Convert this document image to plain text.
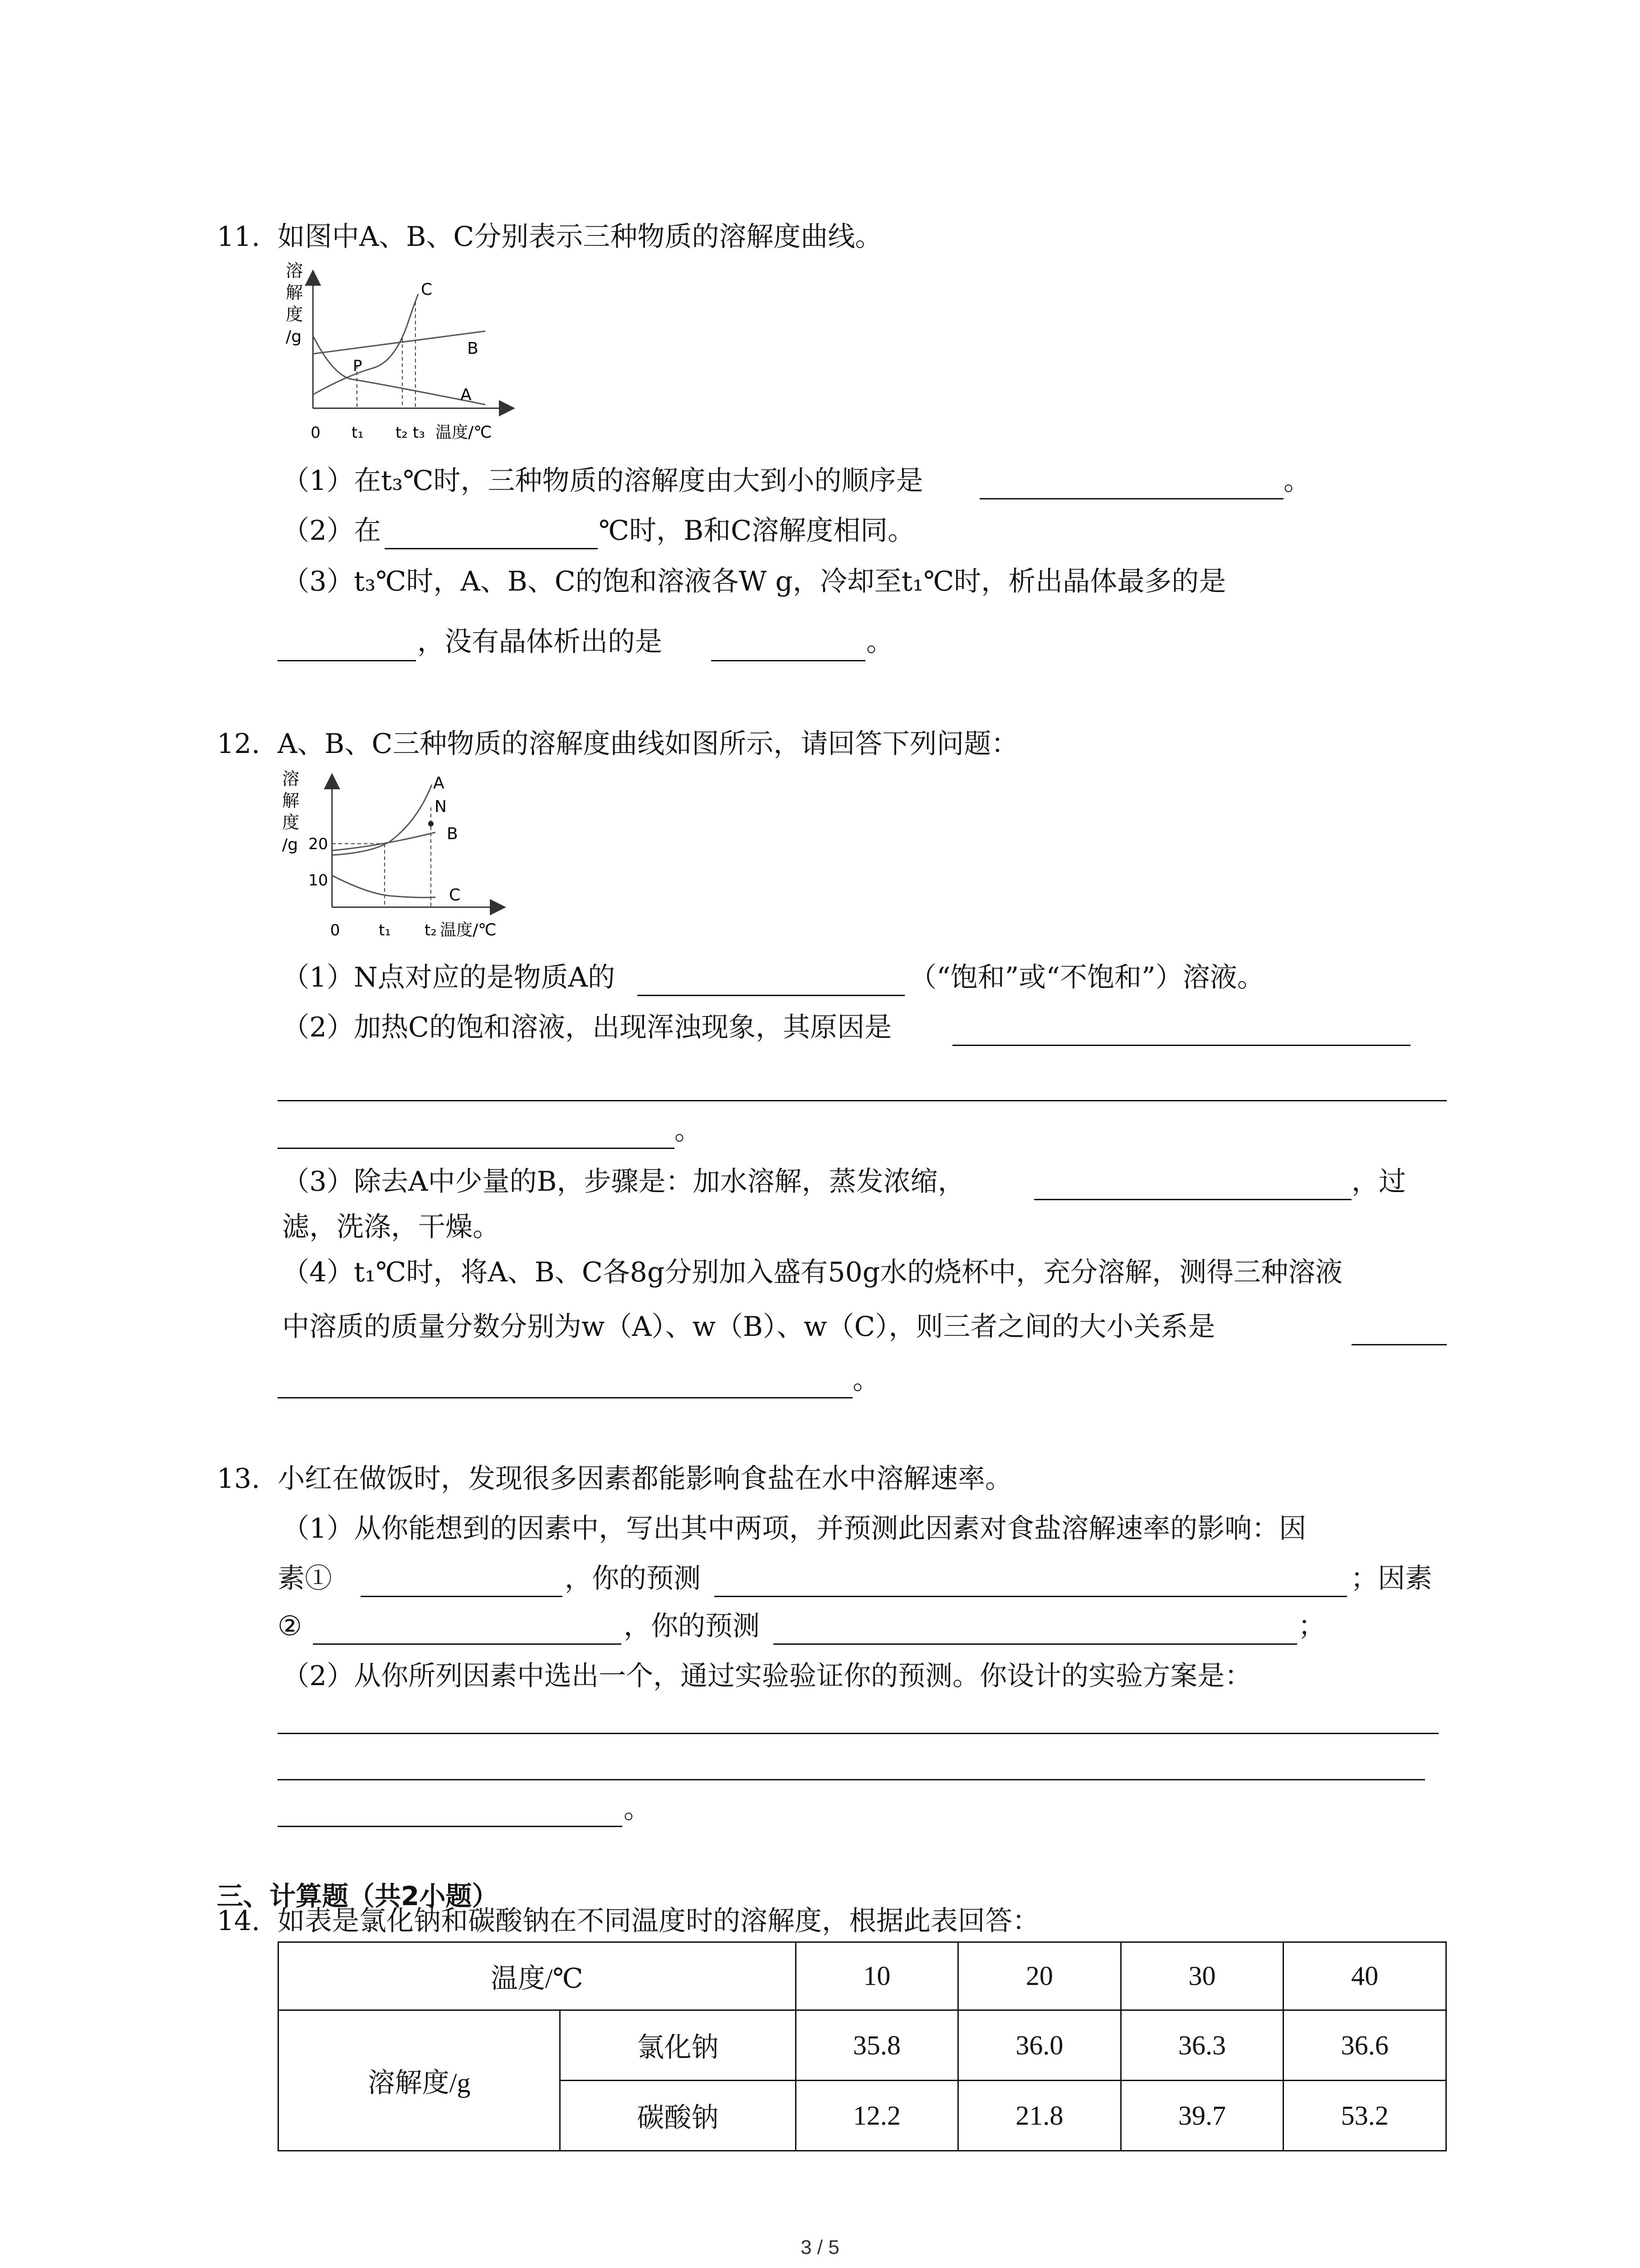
11. 如图中A、B、C分别表示三种物质的溶解度曲线。
溶
解
度
/g
P
A
B
C
0 t₁ t₂ t₃ 温度/℃
（1）在t₃℃时，三种物质的溶解度由大到小的顺序是	。
（2）在	℃时，B和C溶解度相同。
（3）t₃℃时，A、B、C的饱和溶液各W g，冷却至t₁℃时，析出晶体最多的是
，没有晶体析出的是	。
12. A、B、C三种物质的溶解度曲线如图所示，请回答下列问题：
溶
解
度
/g 20
10
A
N
B
C
0	t₁ t₂ 温度/℃
（1）N点对应的是物质A的	（“饱和”或“不饱和”）溶液。
（2）加热C的饱和溶液，出现浑浊现象，其原因是
。
（3）除去A中少量的B，步骤是：加水溶解，蒸发浓缩，	，过
滤，洗涤，干燥。
（4）t₁℃时，将A、B、C各8g分别加入盛有50g水的烧杯中，充分溶解，测得三种溶液
中溶质的质量分数分别为w（A）、w（B）、w（C），则三者之间的大小关系是
。
13. 小红在做饭时，发现很多因素都能影响食盐在水中溶解速率。
（1）从你能想到的因素中，写出其中两项，并预测此因素对食盐溶解速率的影响：因
素①	，你的预测	；因素
②	，你的预测	；
（2）从你所列因素中选出一个，通过实验验证你的预测。你设计的实验方案是：
。
三、计算题（共2小题）
14. 如表是氯化钠和碳酸钠在不同温度时的溶解度，根据此表回答：
温度/℃		10	20	30	40
溶解度/g	氯化钠	35.8	36.0	36.3	36.6
	碳酸钠	12.2	21.8	39.7	53.2
3 / 5
